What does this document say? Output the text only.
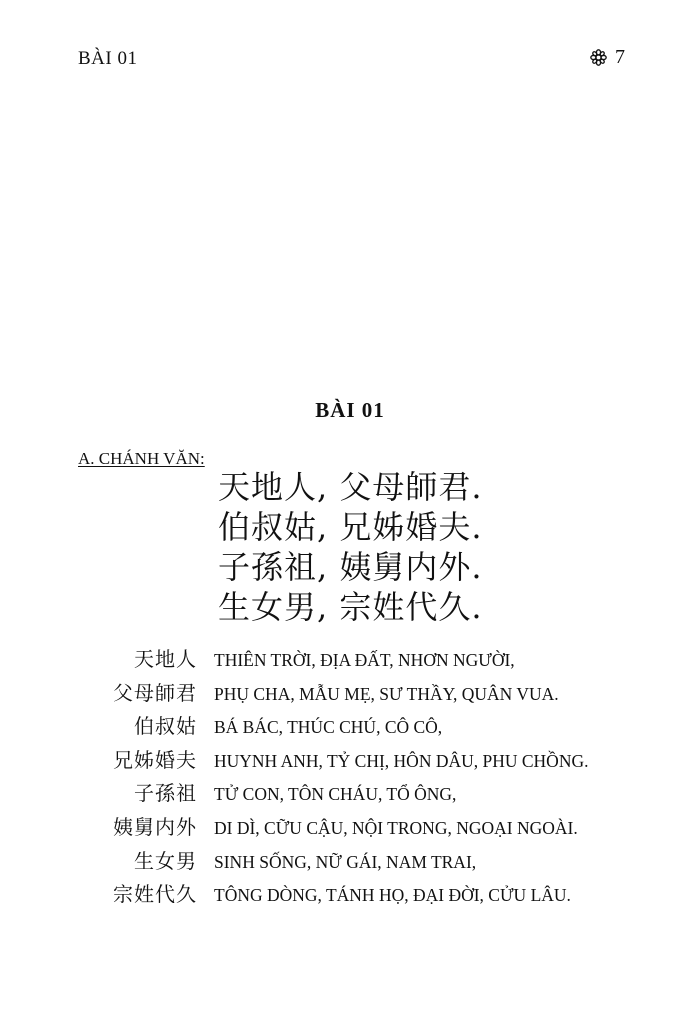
BÀI 01	7
BÀI 01
A. CHÁNH VĂN:
天地人, 父母師君.
伯叔姑, 兄姊婚夫.
子孫祖, 姨舅内外.
生女男, 宗姓代久.
天地人 THIÊN TRỜI, ĐỊA ĐẤT, NHƠN NGƯỜI,
父母師君 PHỤ CHA, MẪU MẸ, SƯ THẦY, QUÂN VUA.
伯叔姑 BÁ BÁC, THÚC CHÚ, CÔ CÔ,
兄姊婚夫 HUYNH ANH, TỶ CHỊ, HÔN DÂU, PHU CHỒNG.
子孫祖 TỬ CON, TÔN CHÁU, TỔ ÔNG,
姨舅内外 DI DÌ, CỮU CẬU, NỘI TRONG, NGOẠI NGOÀI.
生女男 SINH SỐNG, NỮ GÁI, NAM TRAI,
宗姓代久 TÔNG DÒNG, TÁNH HỌ, ĐẠI ĐỜI, CỬU LÂU.
